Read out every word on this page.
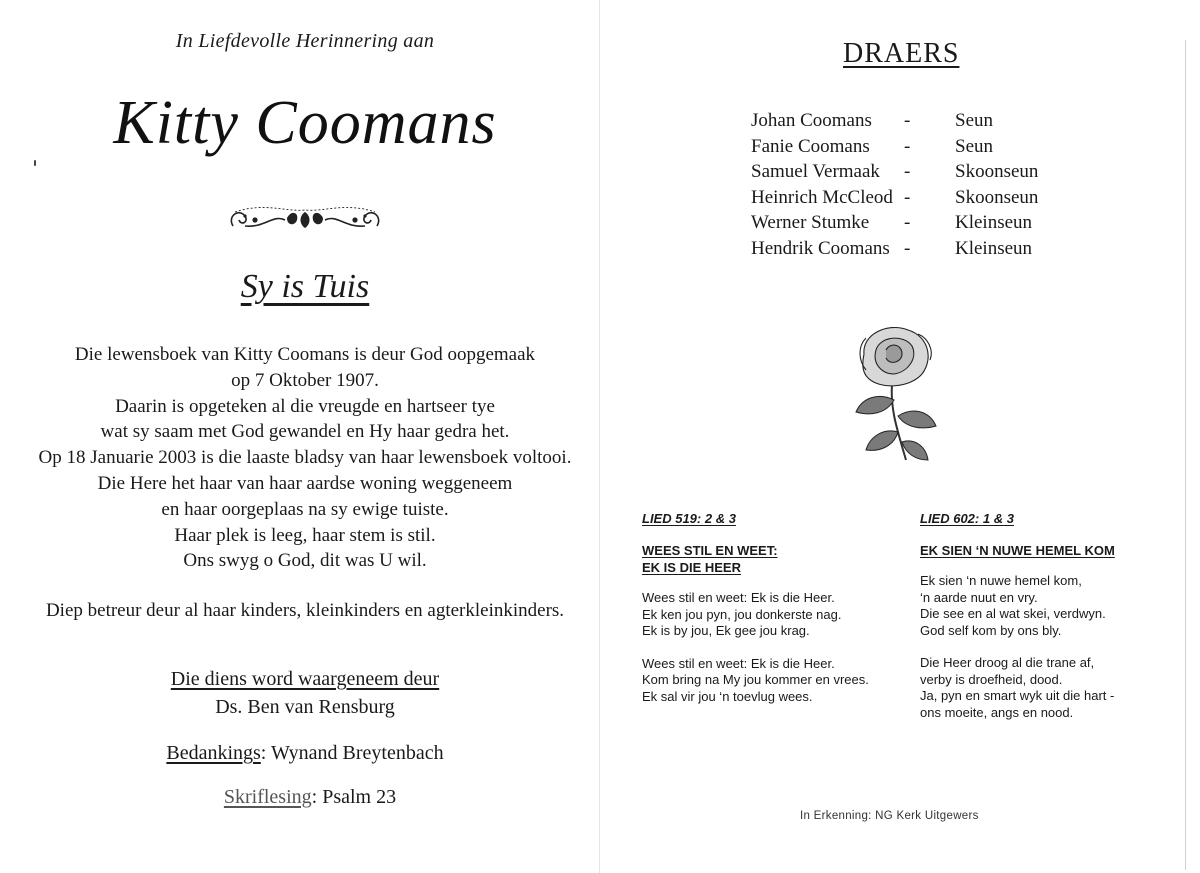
In Liefdevolle Herinnering aan
Kitty Coomans
Sy is Tuis
Die lewensboek van Kitty Coomans is deur God oopgemaak
op 7 Oktober 1907.
Daarin is opgeteken al die vreugde en hartseer tye
wat sy saam met God gewandel en Hy haar gedra het.
Op 18 Januarie 2003 is die laaste bladsy van haar lewensboek voltooi.
Die Here het haar van haar aardse woning weggeneem
en haar oorgeplaas na sy ewige tuiste.
Haar plek is leeg, haar stem is stil.
Ons swyg o God, dit was U wil.
Diep betreur deur al haar kinders, kleinkinders en agterkleinkinders.
Die diens word waargeneem deur
Ds. Ben van Rensburg
Bedankings: Wynand Breytenbach
Skriflesing: Psalm 23
DRAERS
Johan Coomans - Seun
Fanie Coomans - Seun
Samuel Vermaak - Skoonseun
Heinrich McCleod - Skoonseun
Werner Stumke - Kleinseun
Hendrik Coomans - Kleinseun
LIED 519: 2 & 3
WEES STIL EN WEET:
EK IS DIE HEER
Wees stil en weet: Ek is die Heer.
Ek ken jou pyn, jou donkerste nag.
Ek is by jou, Ek gee jou krag.
Wees stil en weet: Ek is die Heer.
Kom bring na My jou kommer en vrees.
Ek sal vir jou ‘n toevlug wees.
LIED 602: 1 & 3
EK SIEN ‘N NUWE HEMEL KOM
Ek sien ‘n nuwe hemel kom,
‘n aarde nuut en vry.
Die see en al wat skei, verdwyn.
God self kom by ons bly.
Die Heer droog al die trane af,
verby is droefheid, dood.
Ja, pyn en smart wyk uit die hart -
ons moeite, angs en nood.
In Erkenning: NG Kerk Uitgewers
